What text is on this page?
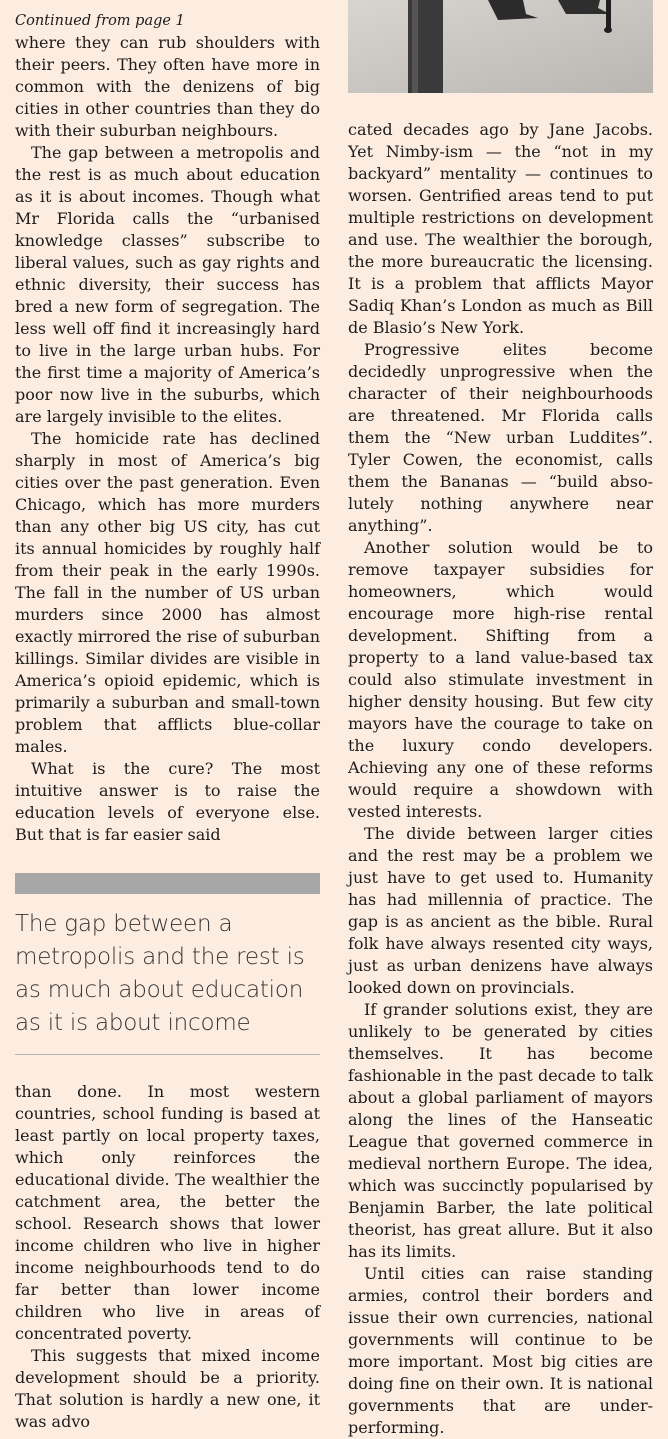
Continued from page 1

where they can rub shoulders with their peers. They often have more in common with the denizens of big cities in other countries than they do with their suburban neighbours.

The gap between a metropolis and the rest is as much about education as it is about incomes. Though what Mr Florida calls the “urbanised knowledge classes” subscribe to liberal values, such as gay rights and ethnic diversity, their success has bred a new form of segregation. The less well off find it increasingly hard to live in the large urban hubs. For the first time a majority of America’s poor now live in the suburbs, which are largely invisible to the elites.

The homicide rate has declined sharply in most of America’s big cities over the past generation. Even Chicago, which has more murders than any other big US city, has cut its annual homicides by roughly half from their peak in the early 1990s. The fall in the number of US urban murders since 2000 has almost exactly mirrored the rise of suburban killings. Similar divides are visible in America’s opioid epidemic, which is primarily a suburban and small-town problem that afflicts blue-collar males.

What is the cure? The most intuitive answer is to raise the education levels of everyone else. But that is far easier said

The gap between a metropolis and the rest is as much about education as it is about income

than done. In most western countries, school funding is based at least partly on local property taxes, which only reinforces the educational divide. The wealthier the catchment area, the better the school. Research shows that lower income children who live in higher income neighbourhoods tend to do far better than lower income children who live in areas of concentrated poverty.

This suggests that mixed income development should be a priority. That solution is hardly a new one, it was advo

cated decades ago by Jane Jacobs. Yet Nimby-ism — the “not in my backyard” mentality — continues to worsen. Gentrified areas tend to put multiple restrictions on development and use. The wealthier the borough, the more bureaucratic the licensing. It is a problem that afflicts Mayor Sadiq Khan’s London as much as Bill de Blasio’s New York.

Progressive elites become decidedly unprogressive when the character of their neighbourhoods are threatened. Mr Florida calls them the “New urban Luddites”. Tyler Cowen, the economist, calls them the Bananas — “build absolutely nothing anywhere near anything”.

Another solution would be to remove taxpayer subsidies for homeowners, which would encourage more high-rise rental development. Shifting from a property to a land value-based tax could also stimulate investment in higher density housing. But few city mayors have the courage to take on the luxury condo developers. Achieving any one of these reforms would require a showdown with vested interests.

The divide between larger cities and the rest may be a problem we just have to get used to. Humanity has had millennia of practice. The gap is as ancient as the bible. Rural folk have always resented city ways, just as urban denizens have always looked down on provincials.

If grander solutions exist, they are unlikely to be generated by cities themselves. It has become fashionable in the past decade to talk about a global parliament of mayors along the lines of the Hanseatic League that governed commerce in medieval northern Europe. The idea, which was succinctly popularised by Benjamin Barber, the late political theorist, has great allure. But it also has its limits.

Until cities can raise standing armies, control their borders and issue their own currencies, national governments will continue to be more important. Most big cities are doing fine on their own. It is national governments that are underperforming.
